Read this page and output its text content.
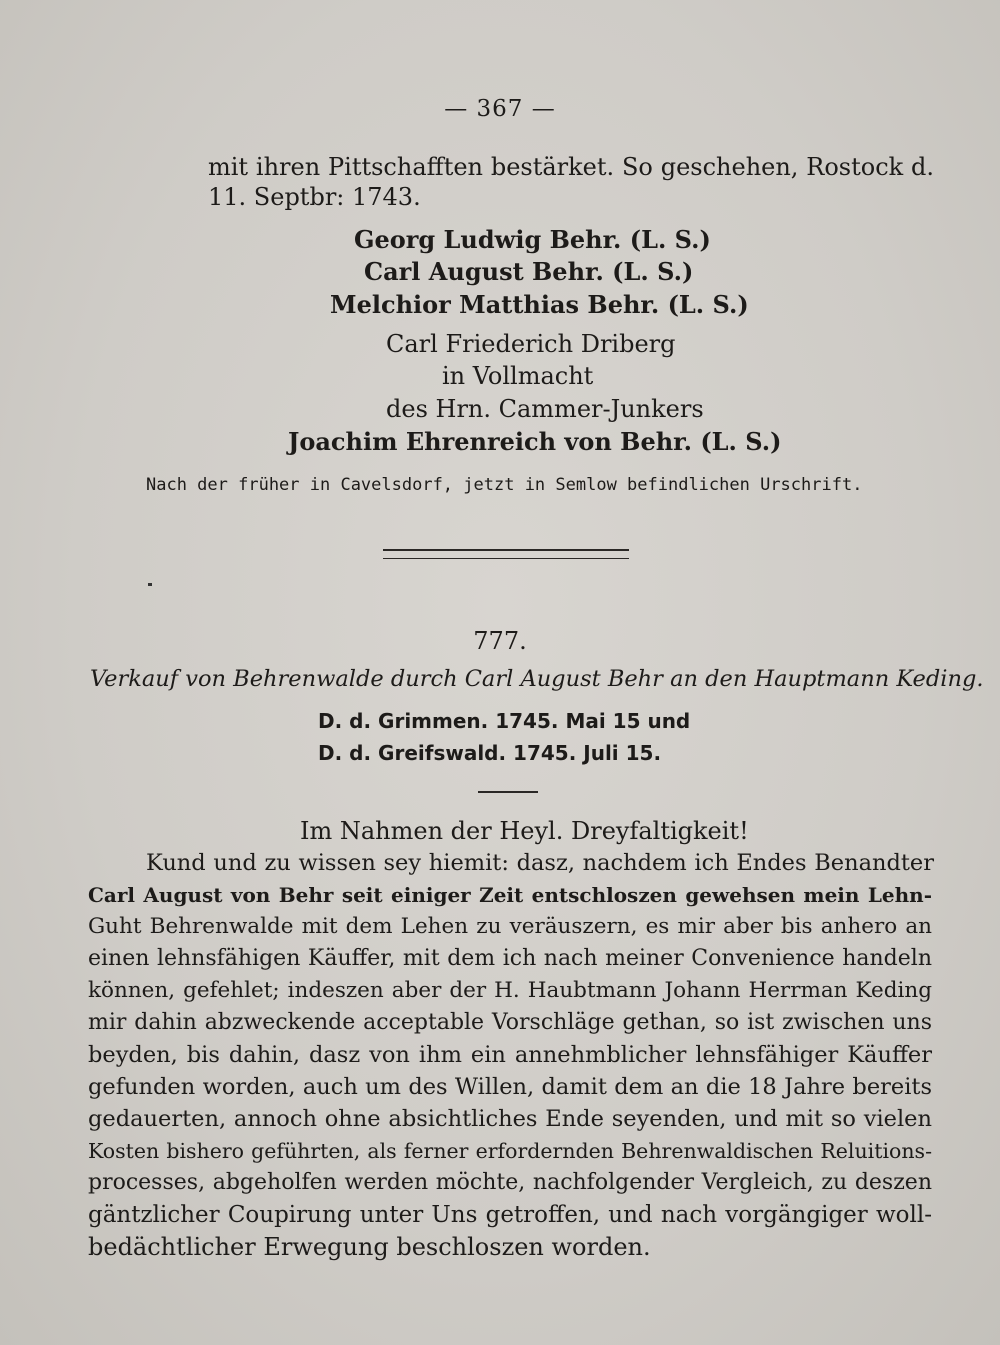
— 367 —
mit ihren Pittschafften bestärket. So geschehen, Rostock d.
11. Septbr: 1743.
Georg Ludwig Behr. (L. S.)
Carl August Behr. (L. S.)
Melchior Matthias Behr. (L. S.)
Carl Friederich Driberg
in Vollmacht
des Hrn. Cammer-Junkers
Joachim Ehrenreich von Behr. (L. S.)
Nach der früher in Cavelsdorf, jetzt in Semlow befindlichen Urschrift.
777.
Verkauf von Behrenwalde durch Carl August Behr an den Hauptmann Keding.
D. d. Grimmen. 1745. Mai 15 und
D. d. Greifswald. 1745. Juli 15.
Im Nahmen der Heyl. Dreyfaltigkeit!
Kund und zu wissen sey hiemit: dasz, nachdem ich Endes Benandter
Carl August von Behr seit einiger Zeit entschloszen gewehsen mein Lehn-
Guht Behrenwalde mit dem Lehen zu veräuszern, es mir aber bis anhero an
einen lehnsfähigen Käuffer, mit dem ich nach meiner Convenience handeln
können, gefehlet; indeszen aber der H. Haubtmann Johann Herrman Keding
mir dahin abzweckende acceptable Vorschläge gethan, so ist zwischen uns
beyden, bis dahin, dasz von ihm ein annehmblicher lehnsfähiger Käuffer
gefunden worden, auch um des Willen, damit dem an die 18 Jahre bereits
gedauerten, annoch ohne absichtliches Ende seyenden, und mit so vielen
Kosten bishero geführten, als ferner erfordernden Behrenwaldischen Reluitions-
processes, abgeholfen werden möchte, nachfolgender Vergleich, zu deszen
gäntzlicher Coupirung unter Uns getroffen, und nach vorgängiger woll-
bedächtlicher Erwegung beschloszen worden.
